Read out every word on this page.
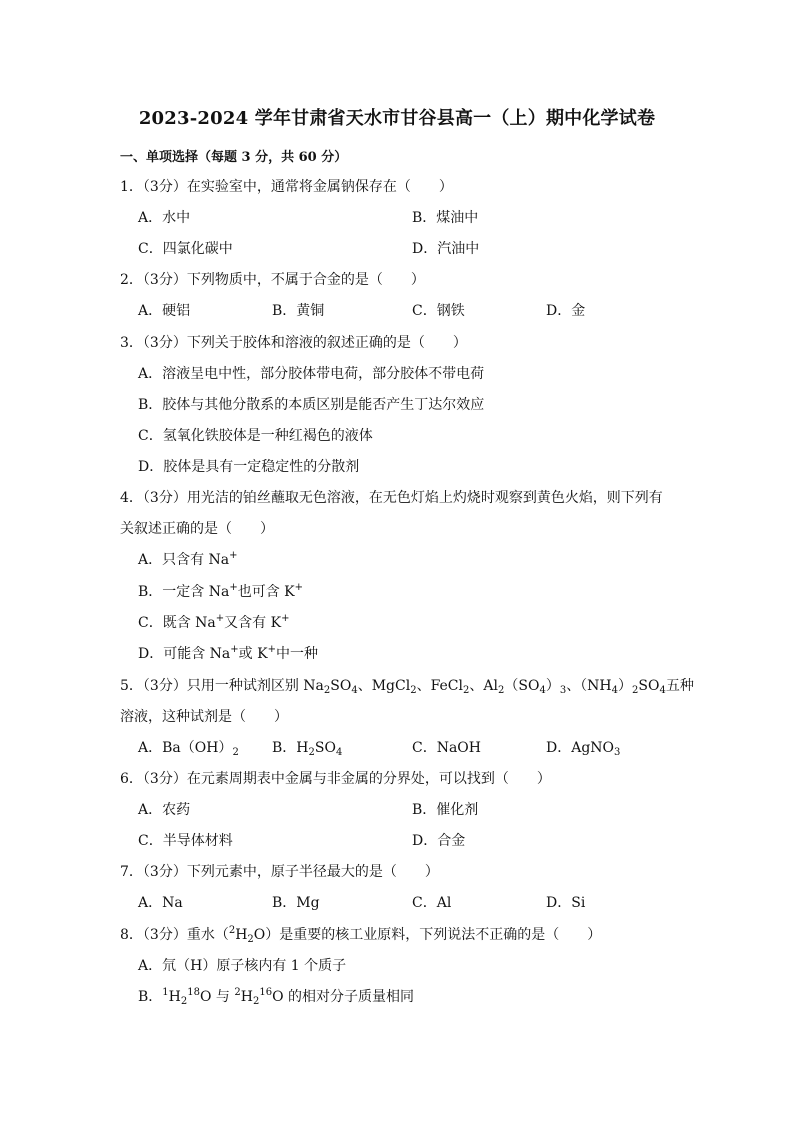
2023-2024 学年甘肃省天水市甘谷县高一（上）期中化学试卷
一、单项选择（每题 3 分，共 60 分）
1．（3分）在实验室中，通常将金属钠保存在（　　）
A．水中	B．煤油中
C．四氯化碳中	D．汽油中
2．（3分）下列物质中，不属于合金的是（　　）
A．硬铝	B．黄铜	C．钢铁	D．金
3．（3分）下列关于胶体和溶液的叙述正确的是（　　）
A．溶液呈电中性，部分胶体带电荷，部分胶体不带电荷
B．胶体与其他分散系的本质区别是能否产生丁达尔效应
C．氢氧化铁胶体是一种红褐色的液体
D．胶体是具有一定稳定性的分散剂
4．（3分）用光洁的铂丝蘸取无色溶液，在无色灯焰上灼烧时观察到黄色火焰，则下列有
关叙述正确的是（　　）
A．只含有 Na+
B．一定含 Na+也可含 K+
C．既含 Na+又含有 K+
D．可能含 Na+或 K+中一种
5．（3分）只用一种试剂区别 $Na_2SO_4$、MgCl$_2$、FeCl$_2$、$Al_2(SO_4)_3$、$(NH_4)_2SO_4$五种
溶液，这种试剂是（　　）
A．$Ba(OH)_2$ B．$H_2SO_4$	C．NaOH	D．AgNO$_3$
6．（3分）在元素周期表中金属与非金属的分界处，可以找到（　　）
A．农药	B．催化剂
C．半导体材料	D．合金
7．（3分）下列元素中，原子半径最大的是（　　）
A．Na	B．Mg	C．Al	D．Si
8．（3分）重水$(^2H_2O)$是重要的核工业原料，下列说法不正确的是（　　）
A．氘（H）原子核内有 1 个质子
B．$^1H_2^{18}O$ 与 $^2H_2^{16}O$ 的相对分子质量相同
